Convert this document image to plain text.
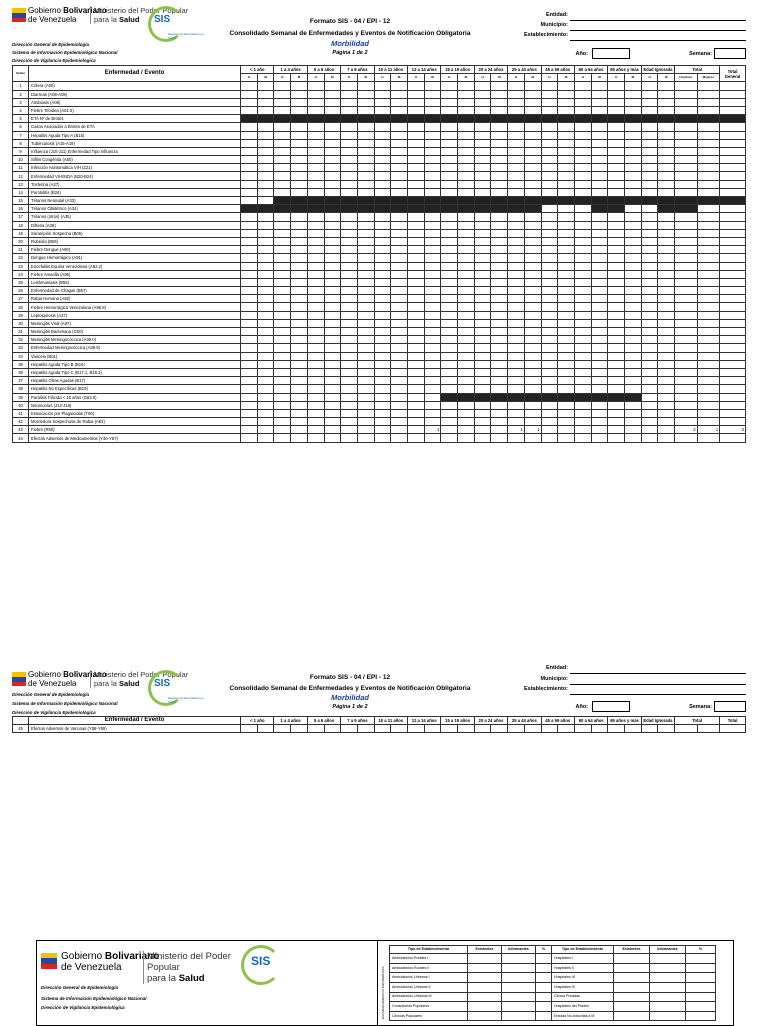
Gobierno Bolivariano
de Venezuela
Ministerio del Poder Popular
para la Salud	SIS
Sistema de Información en Salud
Dirección General de Epidemiología
Sistema de Información Epidemiológico Nacional
Dirección de Vigilancia Epidemiológica
Formato SIS - 04 / EPI - 12
Consolidado Semanal de Enfermedades y Eventos de Notificación Obligatoria
Morbilidad
Página 1 de 2
Entidad:
Municipio:
Establecimiento:
Año:	Semana:
Orden	Enfermedad / Evento	< 1 año		1 a 4 años		5 a 6 años		7 a 9 años		10 a 11 años		12 a 14 años		15 a 19 años		20 a 24 años		25 a 44 años		45 a 59 años		60 a 64 años		65 años y más		Edad Ignorada		Total		Total General
		H	M	H	M	H	M	H	M	H	M	H	M	H	M	H	M	H	M	H	M	H	M	H	M	H	M	Hombres	Mujeres	
1	Cólera (A00)																													
2	Diarreas (A08-A09)																													
3	Amibiasis (A06)																													
4	Fiebre Tifoidea (A01.0)																													
5	ETA Nº de Brotes																													
6	Casos Asociados a Brotes de ETA																													
7	Hepatitis Aguda Tipo A (B15)																													
8	Tuberculosis (A15-A19)																													
9	Influenza (J10-J11) Enfermedad Tipo Influenza																													
10	Sífilis Congénita (A50)																													
11	Infección Asintomática VIH (Z21)																													
12	Enfermedad VIH/SIDA (B20-B24)																													
13	Tosferina (A37)																													
14	Parotiditis (B26)																													
15	Tétanos Neonatal (A33)																													
16	Tétanos Obstétrico (A34)																													
17	Tétanos (otros) (A35)																													
18	Difteria (A36)																													
19	Sarampión Sospecha (B05)																													
20	Rubéola (B06)																													
21	Fiebre Dengue (A90)																													
22	Dengue Hemorrágico (A91)																													
23	Encefalitis Equina Venezolana (A92.2)																													
24	Fiebre Amarilla (A95)																													
25	Leishmaniasis (B55)																													
26	Enfermedad de Chagas (B57)																													
27	Rabia Humana (A82)																													
28	Fiebre Hemorrágica Venezolana (A96.8)																													
29	Leptospirosis (A27)																													
30	Meningitis Viral (A87)																													
31	Meningitis Bacteriana (G00)																													
32	Meningitis Meningocóccica (A39.0)																													
33	Enfermedad Meningocóccica (A39.9)																													
34	Varicela (B01)																													
35	Hepatitis Aguda Tipo B (B16)																													
36	Hepatitis Aguda Tipo C (B17.1, B18.2)																													
37	Hepatitis Otras Agudas (B17)																													
38	Hepatitis No Específicas (B19)																													
39	Parálisis Flácida < 15 años (G82.0)																													
40	Neumonías (J12-J18)																													
41	Intoxicación por Plaguicidas (T60)																													
42	Mordedura Sospechosa de Rabia (A82)																													
43	Fiebre (R50)												1					1	1									2	1	3
44	Efectos Adversos de Medicamentos (Y40-Y57)																													
Gobierno Bolivariano
de Venezuela
Ministerio del Poder Popular
para la Salud	SIS
Sistema de Información en Salud
Dirección General de Epidemiología
Sistema de Información Epidemiológico Nacional
Dirección de Vigilancia Epidemiológica
Formato SIS - 04 / EPI - 12
Consolidado Semanal de Enfermedades y Eventos de Notificación Obligatoria
Morbilidad
Página 1 de 2
Entidad:
Municipio:
Establecimiento:
Año:	Semana:
	Enfermedad / Evento	< 1 año		1 a 4 años		5 a 6 años		7 a 9 años		10 a 11 años		12 a 14 años		15 a 19 años		20 a 24 años		25 a 44 años		45 a 59 años		60 a 64 años		65 años y más		Edad Ignorada		Total		Total
45	Efectos Adversos de Vacunas (Y58-Y59)																													
Gobierno Bolivariano
de Venezuela
Ministerio del Poder Popular
para la Salud
SIS
Dirección General de Epidemiología
Sistema de Información Epidemiológico Nacional
Dirección de Vigilancia Epidemiológica	ESTABLECIMIENTOS INFORMANTES
Tipo de Establecimiento	Existentes	Informantes	%	Tipo de Establecimiento	Existentes	Informantes	%
Ambulatorios Rurales I				Hospitales I			
Ambulatorios Rurales II				Hospitales II			
Ambulatorios Urbanos I				Hospitales III			
Ambulatorios Urbanos II				Hospitales IV			
Ambulatorios Urbanos III				Clínica Privadas			
Consultorios Populares				Hospitales del Pueblo			
Clínicas Populares				Entidad No Adscritas a M			
